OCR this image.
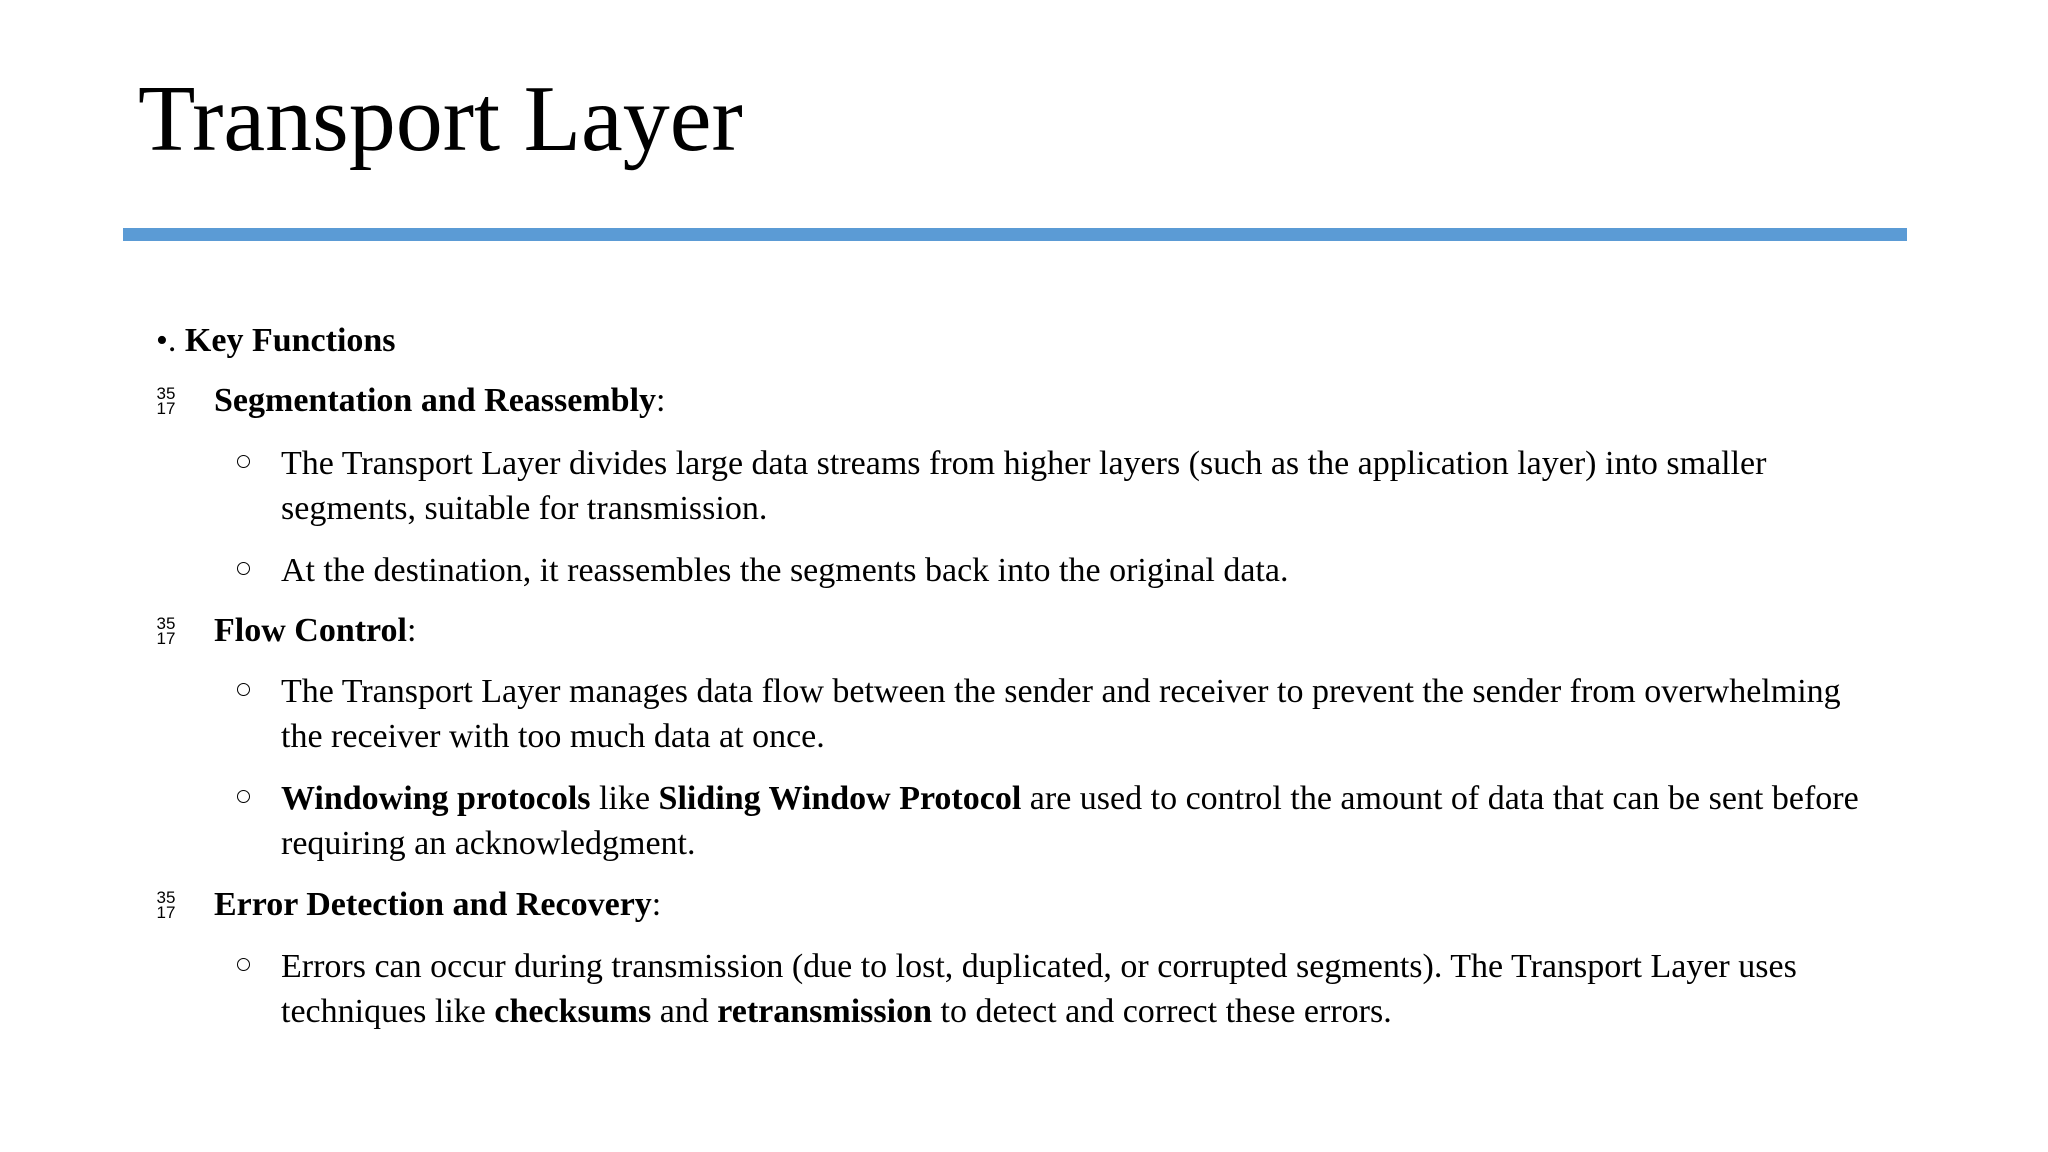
Transport Layer
•. Key Functions
35
17 Segmentation and Reassembly:
The Transport Layer divides large data streams from higher layers (such as the application layer) into smaller segments, suitable for transmission.
At the destination, it reassembles the segments back into the original data.
35
17 Flow Control:
The Transport Layer manages data flow between the sender and receiver to prevent the sender from overwhelming the receiver with too much data at once.
Windowing protocols like Sliding Window Protocol are used to control the amount of data that can be sent before requiring an acknowledgment.
35
17 Error Detection and Recovery:
Errors can occur during transmission (due to lost, duplicated, or corrupted segments). The Transport Layer uses techniques like checksums and retransmission to detect and correct these errors.
